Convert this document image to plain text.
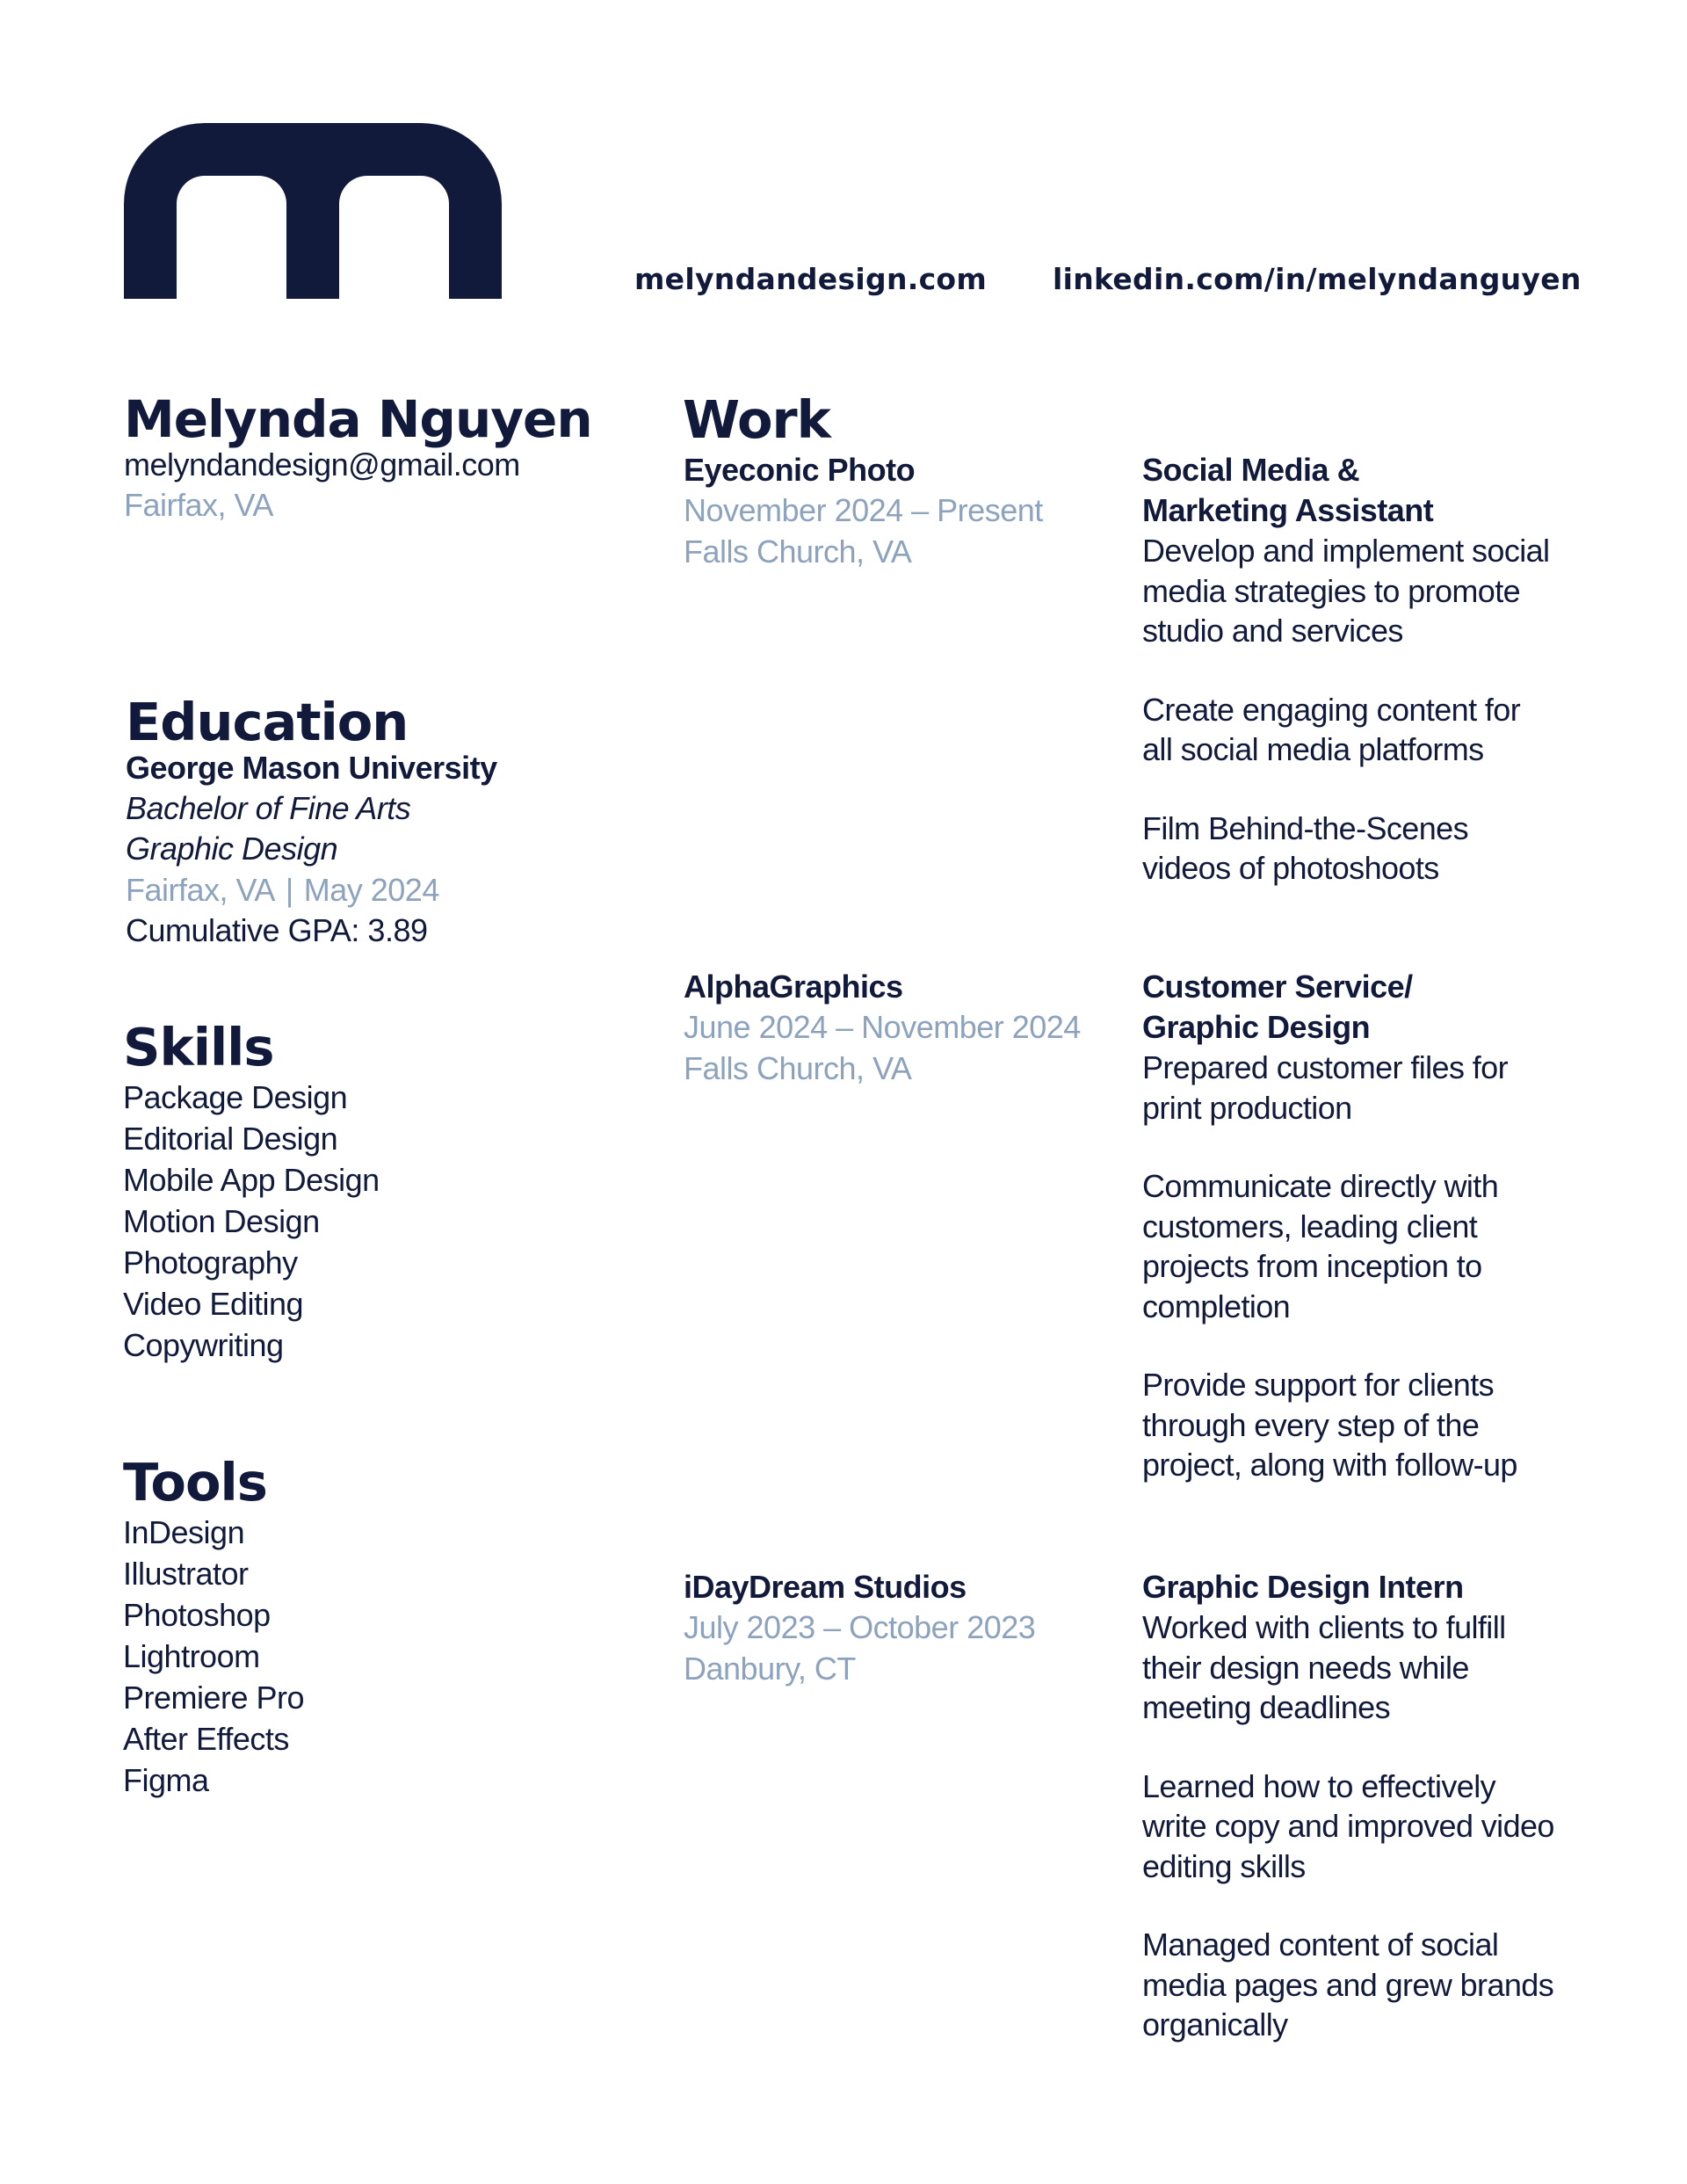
melyndandesign.com linkedin.com/in/melyndanguyen
Melynda Nguyen
melyndandesign@gmail.com
Fairfax, VA
Education
George Mason University
Bachelor of Fine Arts
Graphic Design
Fairfax, VA | May 2024
Cumulative GPA: 3.89
Skills
Package Design
Editorial Design
Mobile App Design
Motion Design
Photography
Video Editing
Copywriting
Tools
InDesign
Illustrator
Photoshop
Lightroom
Premiere Pro
After Effects
Figma
Work
Eyeconic Photo
November 2024 – Present
Falls Church, VA
Social Media &
Marketing Assistant

Develop and implement social media strategies to promote studio and services

Create engaging content for all social media platforms

Film Behind-the-Scenes videos of photoshoots

AlphaGraphics
June 2024 – November 2024
Falls Church, VA
Customer Service/
Graphic Design

Prepared customer files for print production

Communicate directly with customers, leading client projects from inception to completion

Provide support for clients through every step of the project, along with follow-up

iDayDream Studios
July 2023 – October 2023
Danbury, CT
Graphic Design Intern

Worked with clients to fulfill their design needs while meeting deadlines

Learned how to effectively write copy and improved video editing skills

Managed content of social media pages and grew brands organically
